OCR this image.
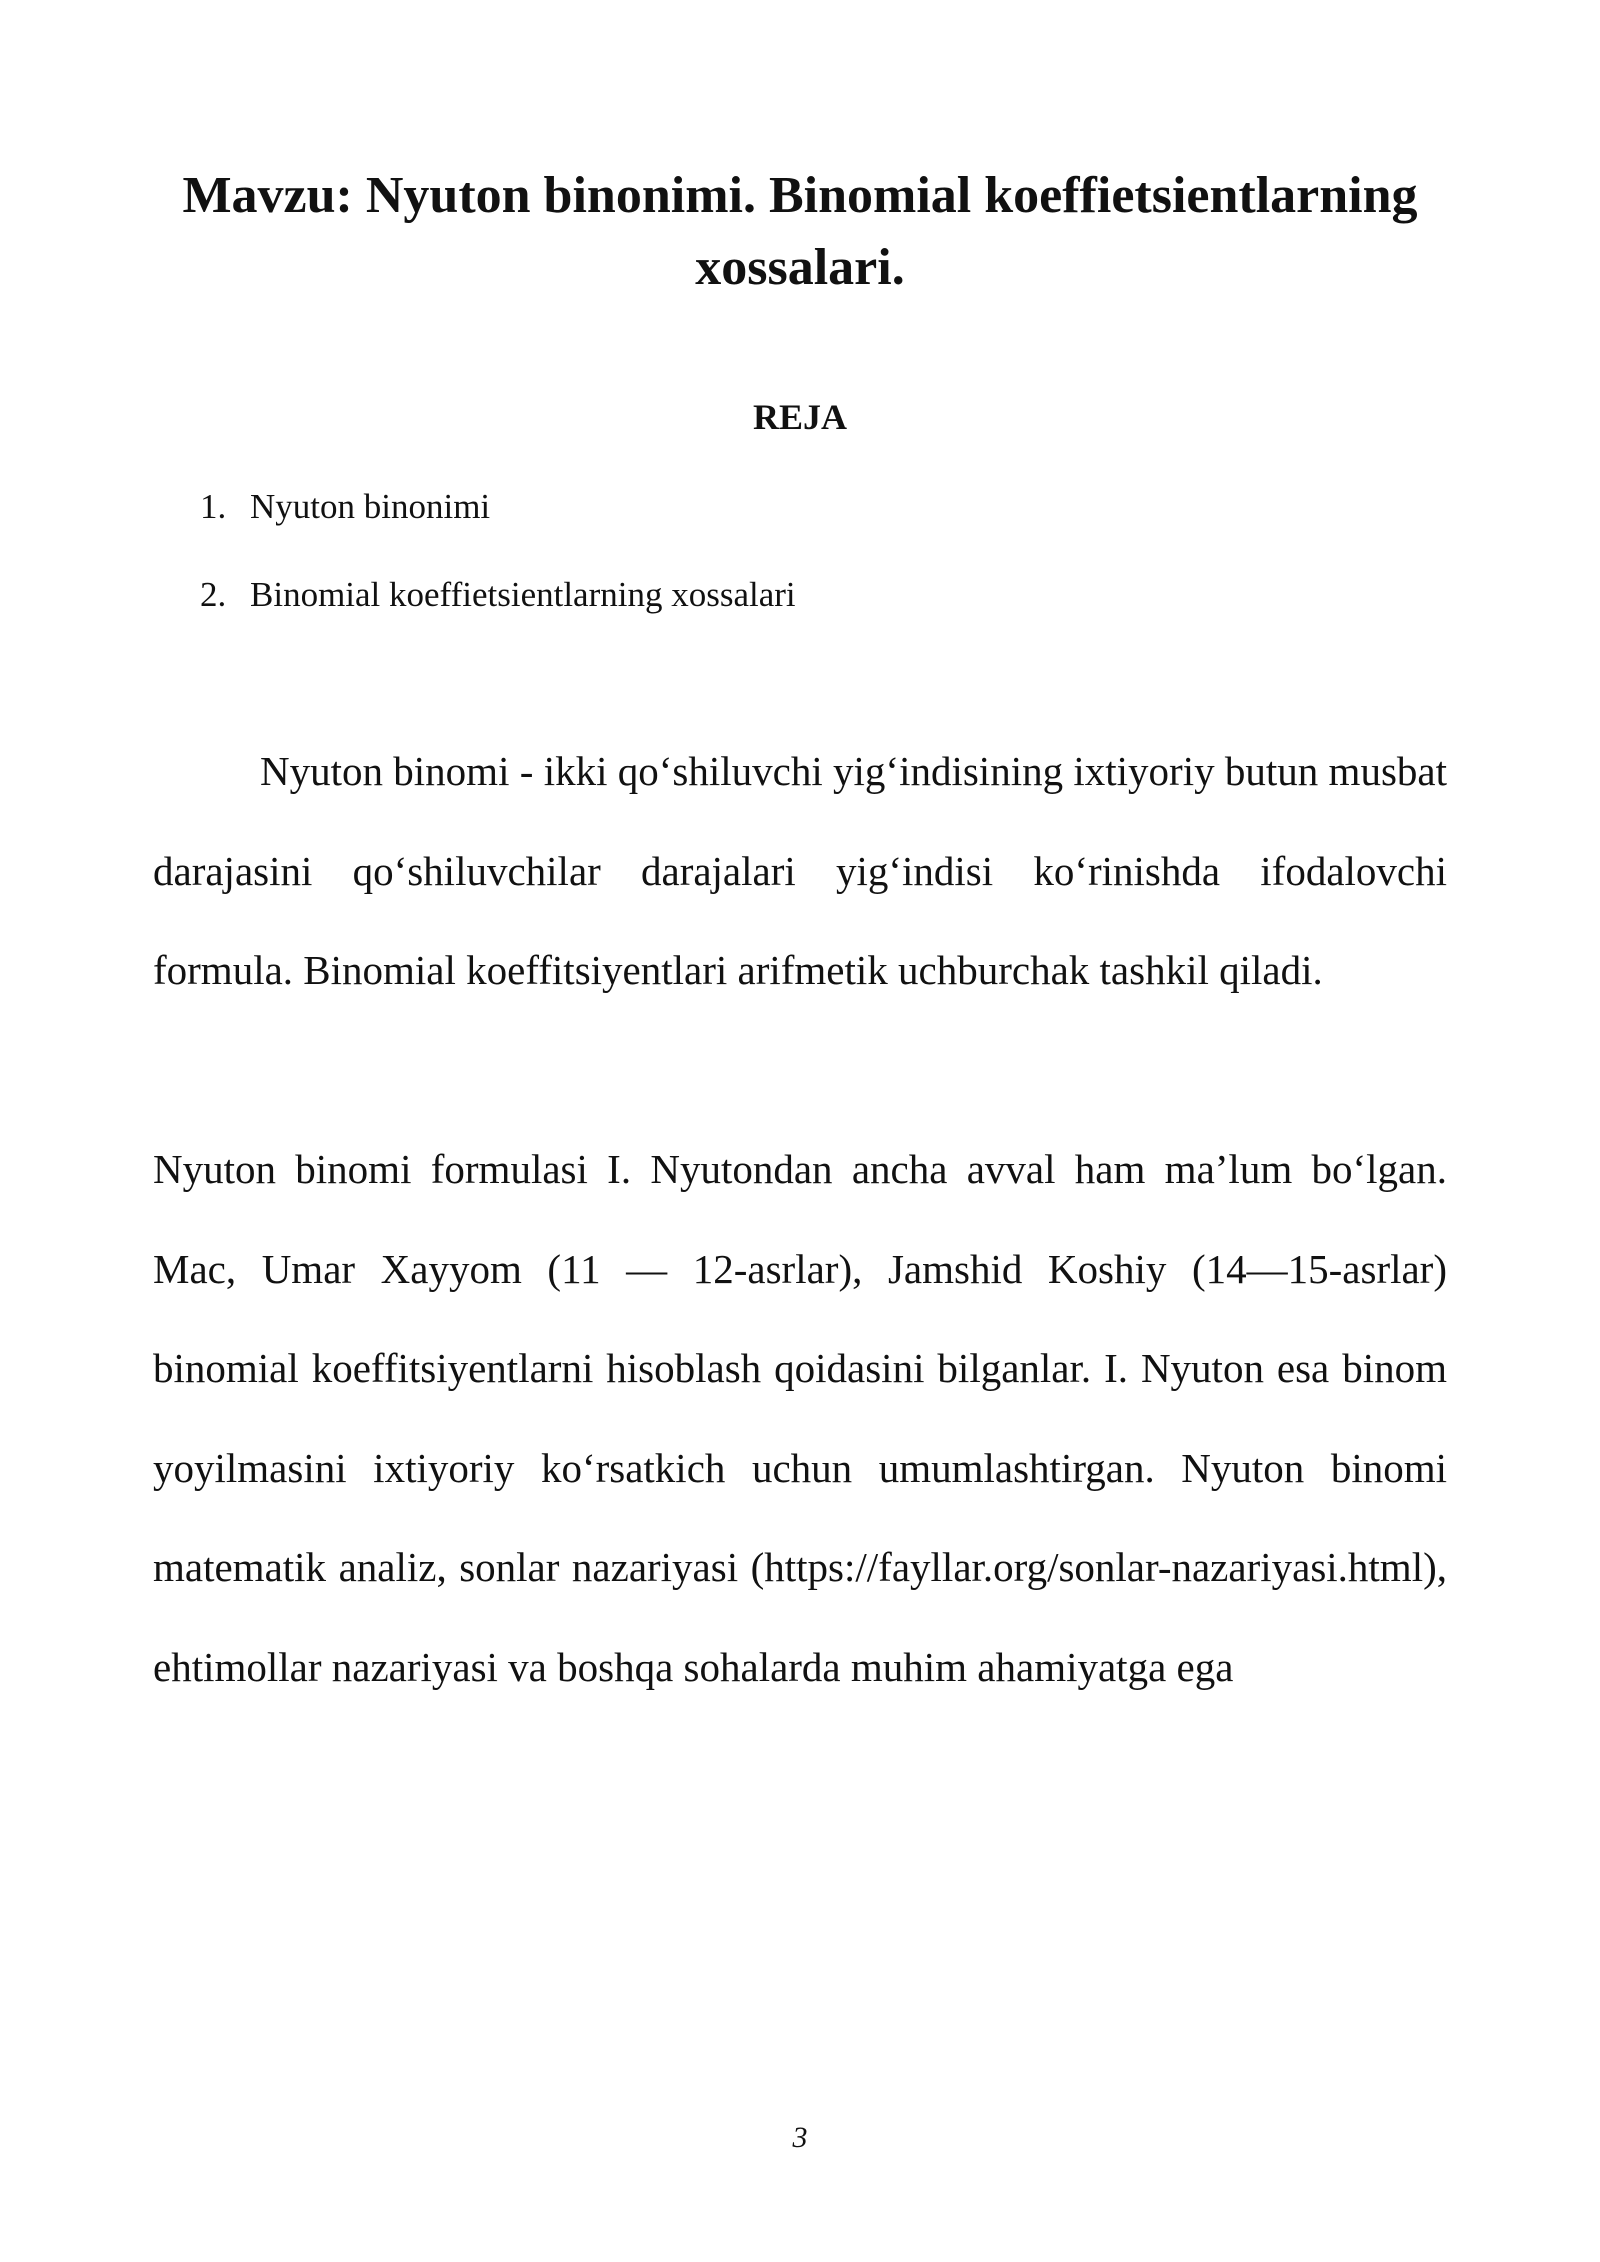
Mavzu: Nyuton binonimi. Binomial koeffietsientlarning xossalari.
REJA
1. Nyuton binonimi
2. Binomial koeffietsientlarning xossalari

Nyuton binomi - ikki qo‘shiluvchi yig‘indisining ixtiyoriy butun musbat darajasini qo‘shiluvchilar darajalari yig‘indisi ko‘rinishda ifodalovchi formula. Binomial koeffitsiyentlari arifmetik uchburchak tashkil qiladi.

Nyuton binomi formulasi I. Nyutondan ancha avval ham ma’lum bo‘lgan. Mac, Umar Xayyom (11 — 12-asrlar), Jamshid Koshiy (14—15-asrlar) binomial koeffitsiyentlarni hisoblash qoidasini bilganlar. I. Nyuton esa binom yoyilmasini ixtiyoriy ko‘rsatkich uchun umumlashtirgan. Nyuton binomi matematik analiz, sonlar nazariyasi (https://fayllar.org/sonlar-nazariyasi.html), ehtimollar nazariyasi va boshqa sohalarda muhim ahamiyatga ega

3
